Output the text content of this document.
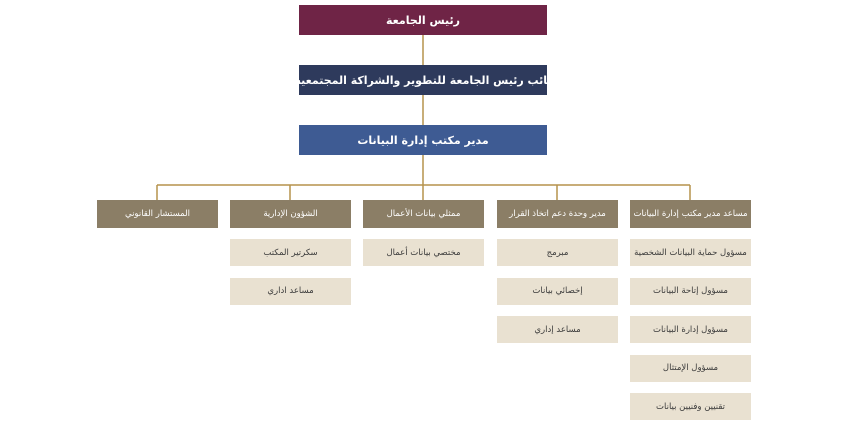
رئيس الجامعة
نائب رئيس الجامعة للتطوير والشراكة المجتمعية
مدير مكتب إدارة البيانات
المستشار القانوني	الشؤون الإدارية
سكرتير المكتب
مساعد اداري
ممثلي بيانات الأعمال
مختصي بيانات أعمال
مدير وحدة دعم اتخاذ القرار
مبرمج
إخصائي بيانات
مساعد إداري
مساعد مدير مكتب إدارة البيانات
مسؤول حماية البيانات الشخصية
مسؤول إتاحة البيانات
مسؤول إدارة البيانات
مسؤول الإمتثال
تقنيين وفنيين بيانات
